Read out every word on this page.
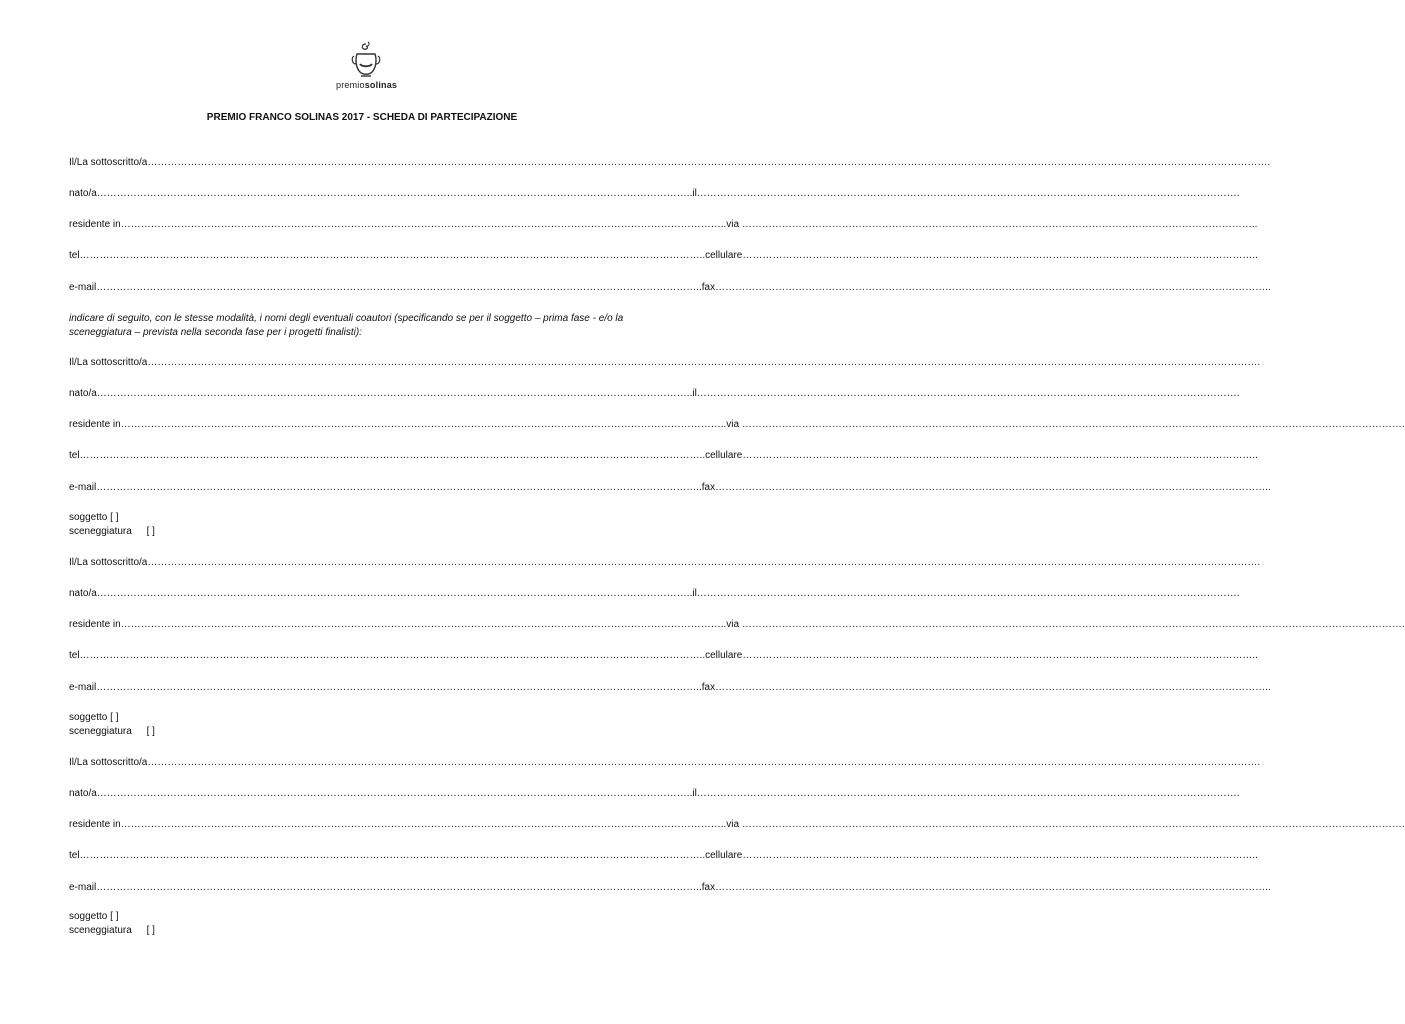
premiosolinas
PREMIO FRANCO SOLINAS 2017 - SCHEDA DI PARTECIPAZIONE
Il/La sottoscritto/a………………………………………………………………………………………………………………………………………………………………………………………………………………………………………………………………………………………………………….
nato/a……………………………………………………………………………………………………………………………………………………………..il……………………………………………………………………………………………………………………………………………….
residente in………………………………………………………………………………………………………………………………………………………………..via ………………………………………………………………………………………………………………………………………..
tel……………………………………………………………………………………………………………………………………………………………………..cellulare………………………………………………………………………………………………………………………………………..
e-mail………………………………………………………………………………………………………………………………………………………………..fax…………………………………………………………………………………………………………………………………………………..
indicare di seguito, con le stesse modalità, i nomi degli eventuali coautori (specificando se per il soggetto – prima fase - e/o la sceneggiatura – prevista nella seconda fase per i progetti finalisti):
Il/La sottoscritto/a……………………………………………………………………………………………………………………………………………………………………………………………………………………………………………………………………………………………………….
nato/a……………………………………………………………………………………………………………………………………………………………..il……………………………………………………………………………………………………………………………………………….
residente in………………………………………………………………………………………………………………………………………………………………..via ……………………………………………………………………………………………………………………………………………………………………………….
tel……………………………………………………………………………………………………………………………………………………………………..cellulare………………………………………………………………………………………………………………………………………..
e-mail………………………………………………………………………………………………………………………………………………………………..fax…………………………………………………………………………………………………………………………………………………..
soggetto [ ]
sceneggiatura [ ]
Il/La sottoscritto/a……………………………………………………………………………………………………………………………………………………………………………………………………………………………………………………………………………………………………….
nato/a……………………………………………………………………………………………………………………………………………………………..il……………………………………………………………………………………………………………………………………………….
residente in………………………………………………………………………………………………………………………………………………………………..via ……………………………………………………………………………………………………………………………………………………………………………….
tel……………………………………………………………………………………………………………………………………………………………………..cellulare………………………………………………………………………………………………………………………………………..
e-mail………………………………………………………………………………………………………………………………………………………………..fax…………………………………………………………………………………………………………………………………………………..
soggetto [ ]
sceneggiatura [ ]
Il/La sottoscritto/a……………………………………………………………………………………………………………………………………………………………………………………………………………………………………………………………………………………………………….
nato/a……………………………………………………………………………………………………………………………………………………………..il……………………………………………………………………………………………………………………………………………….
residente in………………………………………………………………………………………………………………………………………………………………..via ……………………………………………………………………………………………………………………………………………………………………………….
tel……………………………………………………………………………………………………………………………………………………………………..cellulare………………………………………………………………………………………………………………………………………..
e-mail………………………………………………………………………………………………………………………………………………………………..fax…………………………………………………………………………………………………………………………………………………..
soggetto [ ]
sceneggiatura [ ]
